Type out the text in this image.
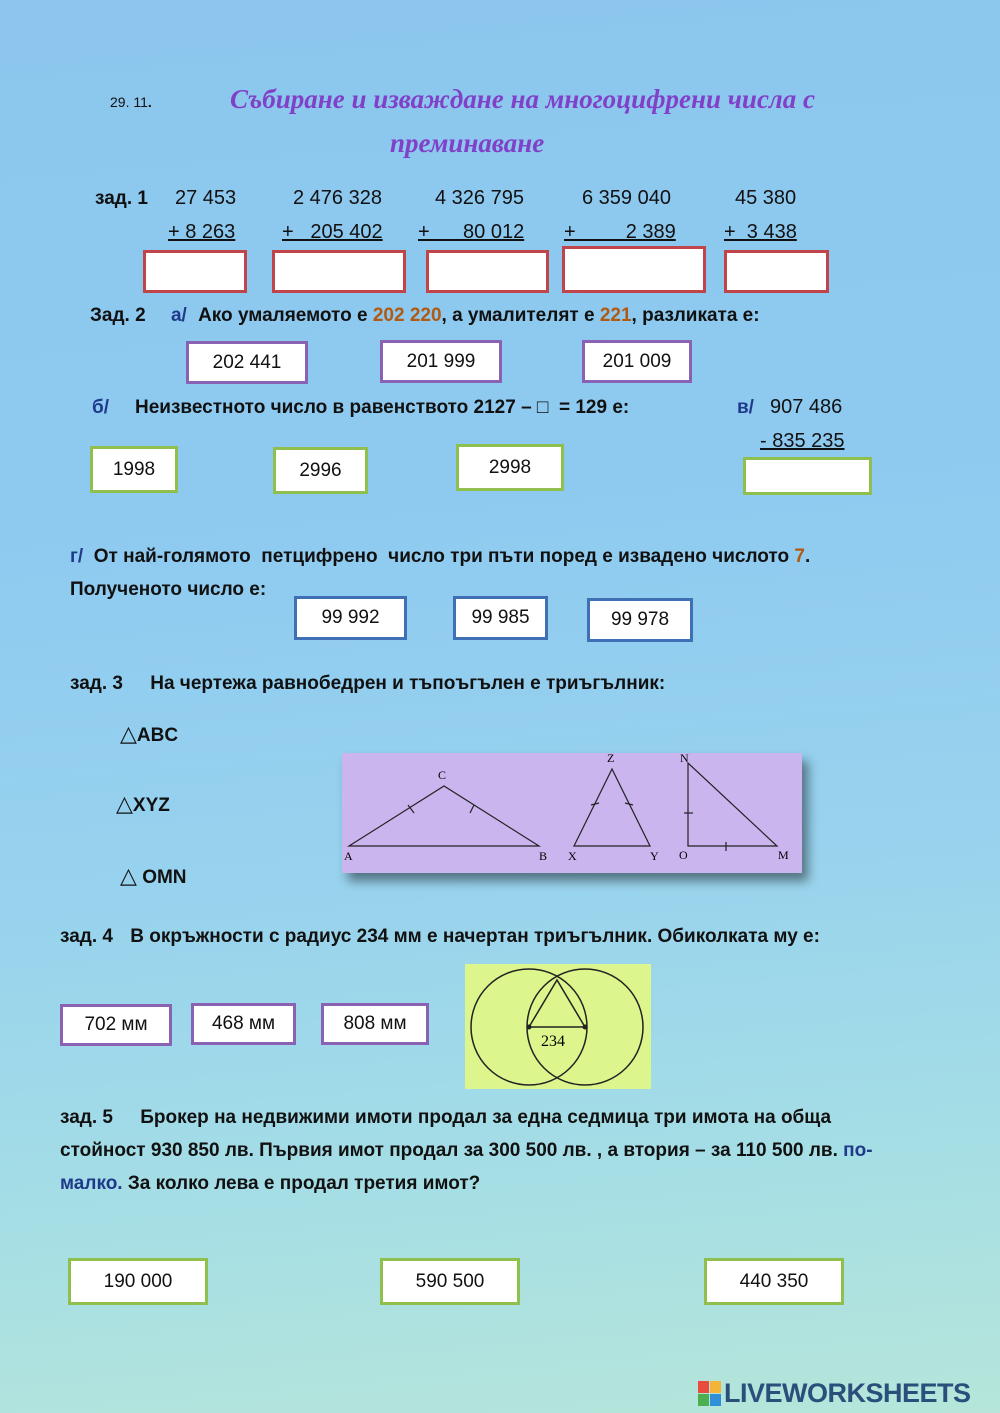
29. 11.	Събиране и изваждане на многоцифрени числа с
преминаване
зад. 1 27 453
+ 8 263
2 476 328
+   205 402
4 326 795
+      80 012
6 359 040
+         2 389
45 380
+  3 438
Зад. 2 а/ Ако умаляемото е 202 220, а умалителят е 221, разликата е:
202 441	201 999	201 009
б/ Неизвестното число в равенството 2127 – □  = 129 е:
1998	2996	2998
в/ 907 486
- 835 235
г/ От най-голямото  петцифрено  число три пъти поред е извадено числото 7.
Полученото число е:
99 992	99 985	99 978
зад. 3 На чертежа равнобедрен и тъпоъгълен е триъгълник:
△ABC
△XYZ
△ OMN
A	B
C
X	Y
Z
O	M
N
зад. 4 В окръжности с радиус 234 мм е начертан триъгълник. Обиколката му е:
702 мм	468 мм	808 мм
234
зад. 5 Брокер на недвижими имоти продал за една седмица три имота на обща
стойност 930 850 лв. Първия имот продал за 300 500 лв. , а втория – за 110 500 лв. по-
малко. За колко лева е продал третия имот?
190 000	590 500	440 350
LIVEWORKSHEETS
